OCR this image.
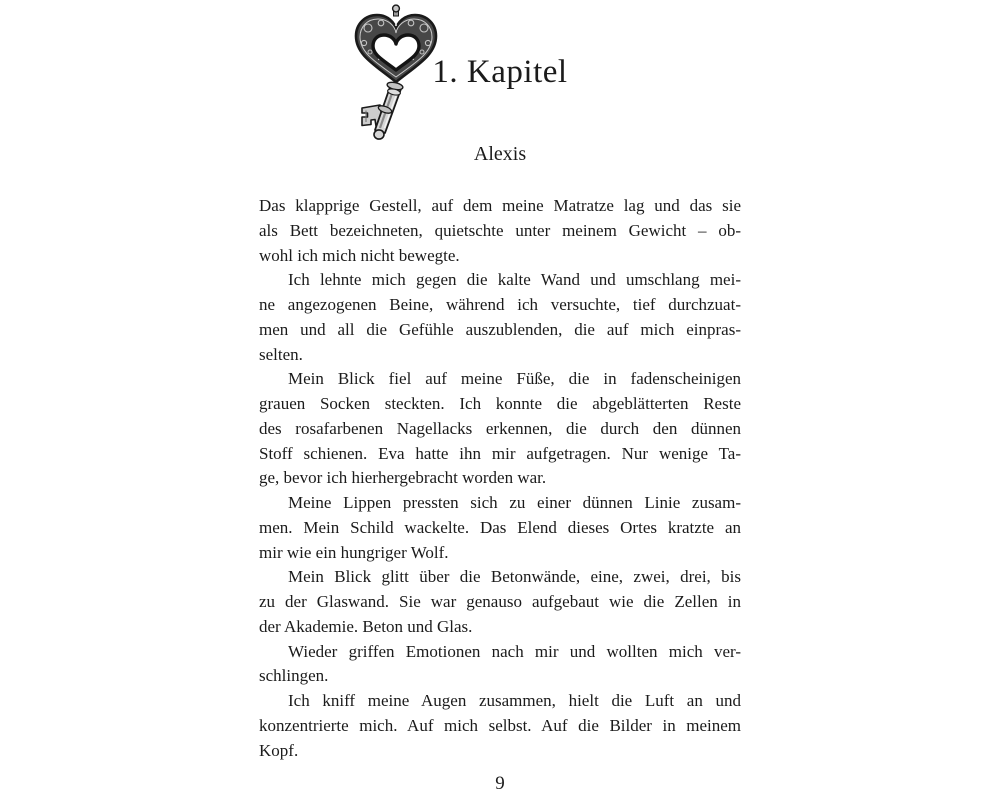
1. Kapitel
Alexis
Das klapprige Gestell, auf dem meine Matratze lag und das sie
als Bett bezeichneten, quietschte unter meinem Gewicht – ob-
wohl ich mich nicht bewegte.
Ich lehnte mich gegen die kalte Wand und umschlang mei-
ne angezogenen Beine, während ich versuchte, tief durchzuat-
men und all die Gefühle auszublenden, die auf mich einpras-
selten.
Mein Blick fiel auf meine Füße, die in fadenscheinigen
grauen Socken steckten. Ich konnte die abgeblätterten Reste
des rosafarbenen Nagellacks erkennen, die durch den dünnen
Stoff schienen. Eva hatte ihn mir aufgetragen. Nur wenige Ta-
ge, bevor ich hierhergebracht worden war.
Meine Lippen pressten sich zu einer dünnen Linie zusam-
men. Mein Schild wackelte. Das Elend dieses Ortes kratzte an
mir wie ein hungriger Wolf.
Mein Blick glitt über die Betonwände, eine, zwei, drei, bis
zu der Glaswand. Sie war genauso aufgebaut wie die Zellen in
der Akademie. Beton und Glas.
Wieder griffen Emotionen nach mir und wollten mich ver-
schlingen.
Ich kniff meine Augen zusammen, hielt die Luft an und
konzentrierte mich. Auf mich selbst. Auf die Bilder in meinem
Kopf.
9
